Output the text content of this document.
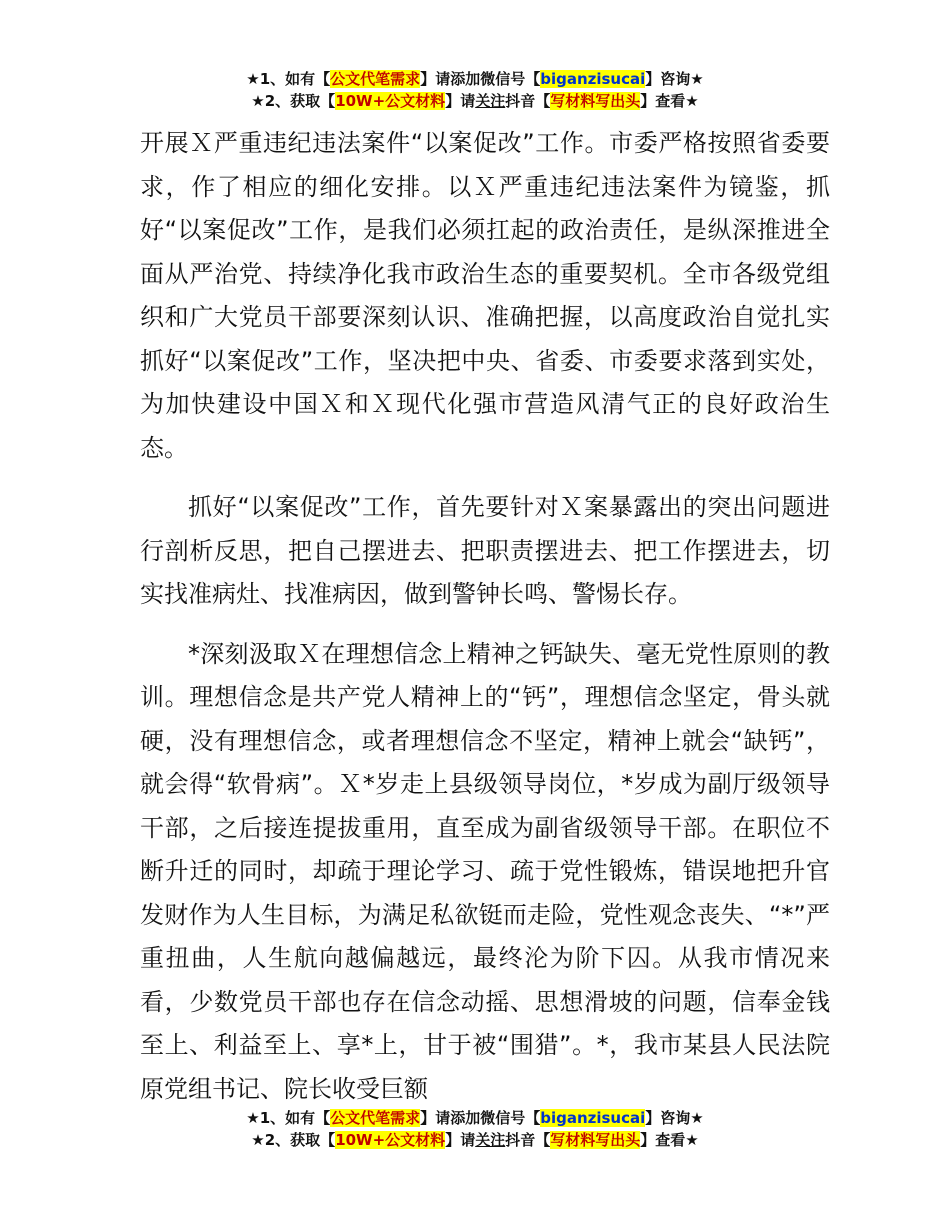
★1、如有【公文代笔需求】请添加微信号【biganzisucai】咨询★
★2、获取【10W+公文材料】请关注抖音【写材料写出头】查看★

开展Ｘ严重违纪违法案件“以案促改”工作。市委严格按照省委要求，作了相应的细化安排。以Ｘ严重违纪违法案件为镜鉴，抓好“以案促改”工作，是我们必须扛起的政治责任，是纵深推进全面从严治党、持续净化我市政治生态的重要契机。全市各级党组织和广大党员干部要深刻认识、准确把握，以高度政治自觉扎实抓好“以案促改”工作，坚决把中央、省委、市委要求落到实处，为加快建设中国Ｘ和Ｘ现代化强市营造风清气正的良好政治生态。

抓好“以案促改”工作，首先要针对Ｘ案暴露出的突出问题进行剖析反思，把自己摆进去、把职责摆进去、把工作摆进去，切实找准病灶、找准病因，做到警钟长鸣、警惕长存。

*深刻汲取Ｘ在理想信念上精神之钙缺失、毫无党性原则的教训。理想信念是共产党人精神上的“钙”，理想信念坚定，骨头就硬，没有理想信念，或者理想信念不坚定，精神上就会“缺钙”，就会得“软骨病”。Ｘ*岁走上县级领导岗位，*岁成为副厅级领导干部，之后接连提拔重用，直至成为副省级领导干部。在职位不断升迁的同时，却疏于理论学习、疏于党性锻炼，错误地把升官发财作为人生目标，为满足私欲铤而走险，党性观念丧失、“*”严重扭曲，人生航向越偏越远，最终沦为阶下囚。从我市情况来看，少数党员干部也存在信念动摇、思想滑坡的问题，信奉金钱至上、利益至上、享*上，甘于被“围猎”。*，我市某县人民法院原党组书记、院长收受巨额

★1、如有【公文代笔需求】请添加微信号【biganzisucai】咨询★
★2、获取【10W+公文材料】请关注抖音【写材料写出头】查看★
